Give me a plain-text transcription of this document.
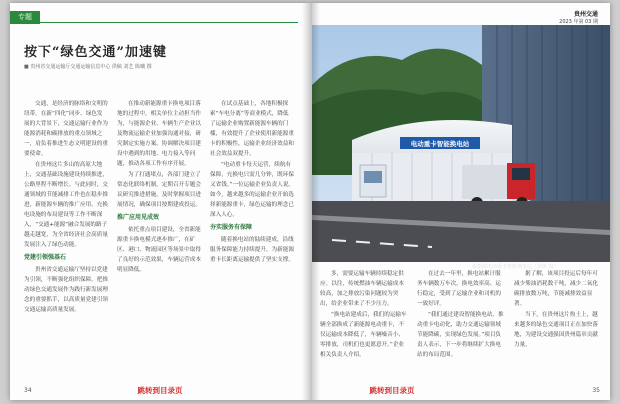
专题
按下“绿色交通”加速键
■ 贵州省交通运输厅交通运输信息中心 供稿 刘艺 陈曦 撰

交通，是经济的脉络和文明的纽带。在新“四化”同步、绿色发展的大背景下，交通运输行业作为能源消耗和碳排放的重点领域之一，肩负着推进生态文明建设的重要使命。

在贵州这片多山的高原大地上，交通基础设施建设持续推进，公路里程不断增长。与此同时，交通领域的节能减排工作也在稳步推进，新能源车辆的推广应用、充换电设施的布局建设等工作不断深入，“交通+能源”融合发展的路子越走越宽，为全省经济社会高质量发展注入了绿色动能。

党建引领强基石

贵州省交通运输厅坚持以党建为引领，不断强化组织保障，把推动绿色交通发展作为践行新发展理念的重要抓手，以高质量党建引领交通运输高质量发展。

在推动新能源重卡换电项目落地的过程中，相关单位主动担当作为，与能源企业、车辆生产企业以及物流运输企业加强沟通对接，研究制定实施方案，协调解决项目建设中遇到的用地、电力接入等问题，推动各项工作有序开展。

为了打通堵点，各部门建立了常态化联络机制，定期召开专题会议研究推进措施，及时掌握项目进展情况，确保项目按期建成投运。

推广应用见成效

依托重点项目建设，全省新能源重卡换电模式逐步推广，在矿区、港口、物流园区等场景中取得了良好的示范效果，车辆运营成本明显降低。

在试点基础上，各地积极探索“车电分离”等商业模式，降低了运输企业购置新能源车辆的门槛，有效提升了企业使用新能源重卡的积极性，运输企业经济效益和社会效益双提升。

“电动重卡每天运营，续航有保障，充换电只需几分钟，既环保又省钱。”一位运输企业负责人说。如今，越来越多的运输企业开始选择新能源重卡，绿色运输的理念已深入人心。

夯实服务有保障

随着换电站的陆续建成，沿线服务保障能力持续提升，为新能源重卡长距离运输提供了坚实支撑。

34	跳转到目录页
贵州交通
2023 年第 03 期
电动重卡智能换电站
新能源电动重卡智能换电站（刘炼 摄）

多，需要运输车辆持续稳定供应。以往，传统燃油车辆运输成本较高，加之排放污染问题较为突出，给企业带来了不少压力。

“换电站建成后，我们的运输车辆全部换成了新能源电动重卡，不仅运输成本降低了，车辆噪音小、零排放，司机们也更愿意开。”企业相关负责人介绍。

在过去一年里，换电站累计服务车辆数万车次，换电效率高、运行稳定，受到了运输企业和司机的一致好评。

“我们通过建设智能换电站，推动重卡电动化，助力交通运输领域节能降碳，实现绿色发展。”项目负责人表示，下一步将继续扩大换电站的布局范围。

据了解，该项目投运后每年可减少柴油消耗数千吨，减少二氧化碳排放数万吨，节能减排效益显著。

当下，在贵州这片热土上，越来越多的绿色交通项目正在加快落地，为建设交通强国贵州篇章贡献力量。

35
跳转到目录页
